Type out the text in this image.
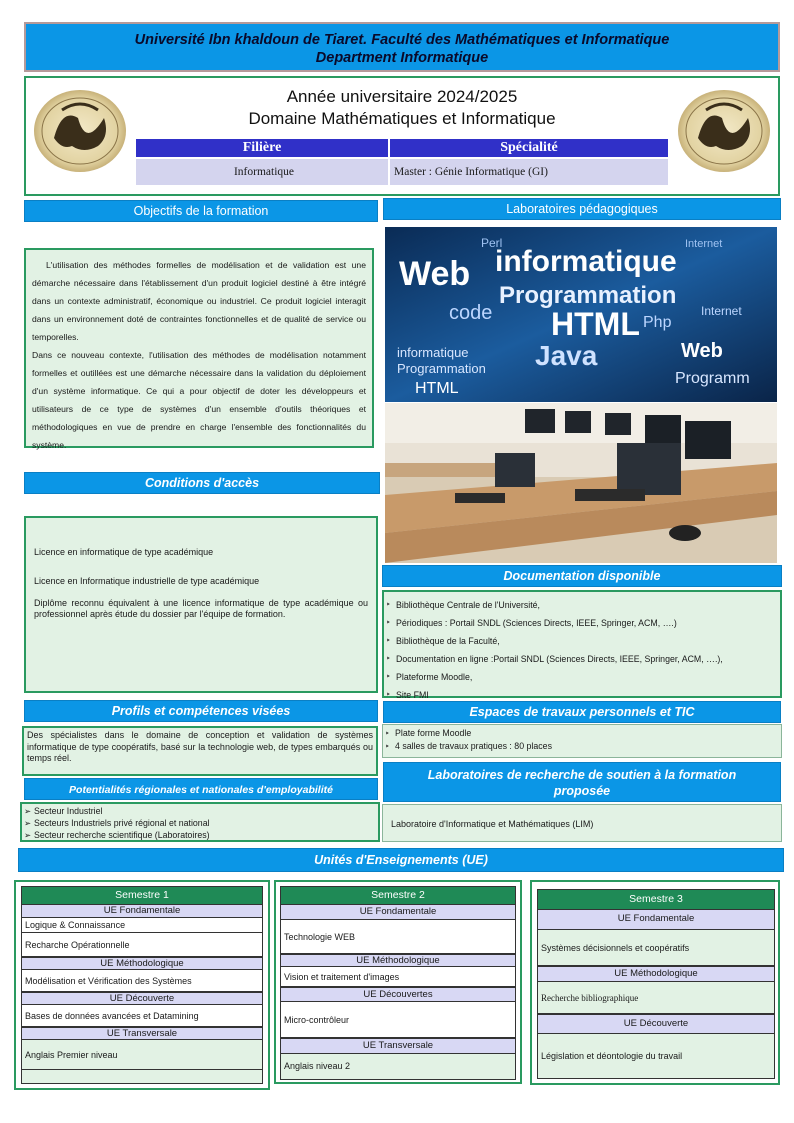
Université Ibn khaldoun de Tiaret. Faculté des Mathématiques et Informatique
Department Informatique
Année universitaire 2024/2025
Domaine Mathématiques et Informatique
Filière	Spécialité
Informatique	Master : Génie Informatique (GI)
Objectifs de la formation
L'utilisation des méthodes formelles de modélisation et de validation est une démarche nécessaire dans l'établissement d'un produit logiciel destiné à être intégré dans un contexte administratif, économique ou industriel. Ce produit logiciel interagit dans un environnement doté de contraintes fonctionnelles et de qualité de service ou temporelles.
Dans ce nouveau contexte, l'utilisation des méthodes de modélisation notamment formelles et outillées est une démarche nécessaire dans la validation du déploiement d'un système informatique. Ce qui a pour objectif de doter les développeurs et utilisateurs de ce type de systèmes d'un ensemble d'outils théoriques et méthodologiques en vue de prendre en charge l'ensemble des fonctionnalités du système.
Laboratoires pédagogiques
Web informatique
Programmation
HTML
Java
code	Php
informatique
Programmation
HTML
Web
Programm
Internet
Perl	Internet
Conditions d'accès
Licence en informatique de type académique
Licence en Informatique industrielle de type académique
Diplôme reconnu équivalent à une licence informatique de type académique ou professionnel après étude du dossier par l'équipe de formation.
Documentation disponible
‣ Bibliothèque Centrale de l'Université,
‣ Périodiques : Portail SNDL (Sciences Directs, IEEE, Springer, ACM, ….)
‣ Bibliothèque de la Faculté,
‣ Documentation en ligne :Portail SNDL (Sciences Directs, IEEE, Springer, ACM, ….),
‣ Plateforme Moodle,
‣ Site FMI
Profils et compétences visées
Des spécialistes dans le domaine de conception et validation de systèmes informatique de type coopératifs, basé sur la technologie web, de types embarqués ou temps réel.
Espaces de travaux personnels et TIC
‣ Plate forme Moodle
‣ 4 salles de travaux pratiques : 80 places
Potentialités régionales et nationales d'employabilité
➢ Secteur Industriel
➢ Secteurs Industriels privé régional et national
➢ Secteur recherche scientifique (Laboratoires)
Laboratoires de recherche de soutien à la formation proposée
Laboratoire d'Informatique et Mathématiques (LIM)
Unités d'Enseignements (UE)
Semestre 1
UE Fondamentale
Logique & Connaissance
Recharche Opérationnelle
UE Méthodologique
Modélisation et Vérification des Systèmes
UE Découverte
Bases de données avancées et Datamining
UE Transversale
Anglais Premier niveau
Semestre 2
UE Fondamentale
Technologie WEB
UE Méthodologique
Vision et traitement d'images
UE Découvertes
Micro-contrôleur
UE Transversale
Anglais niveau 2
Semestre 3
UE Fondamentale
Systèmes décisionnels et coopératifs
UE Méthodologique
Recherche bibliographique
UE Découverte
Législation et déontologie du travail
